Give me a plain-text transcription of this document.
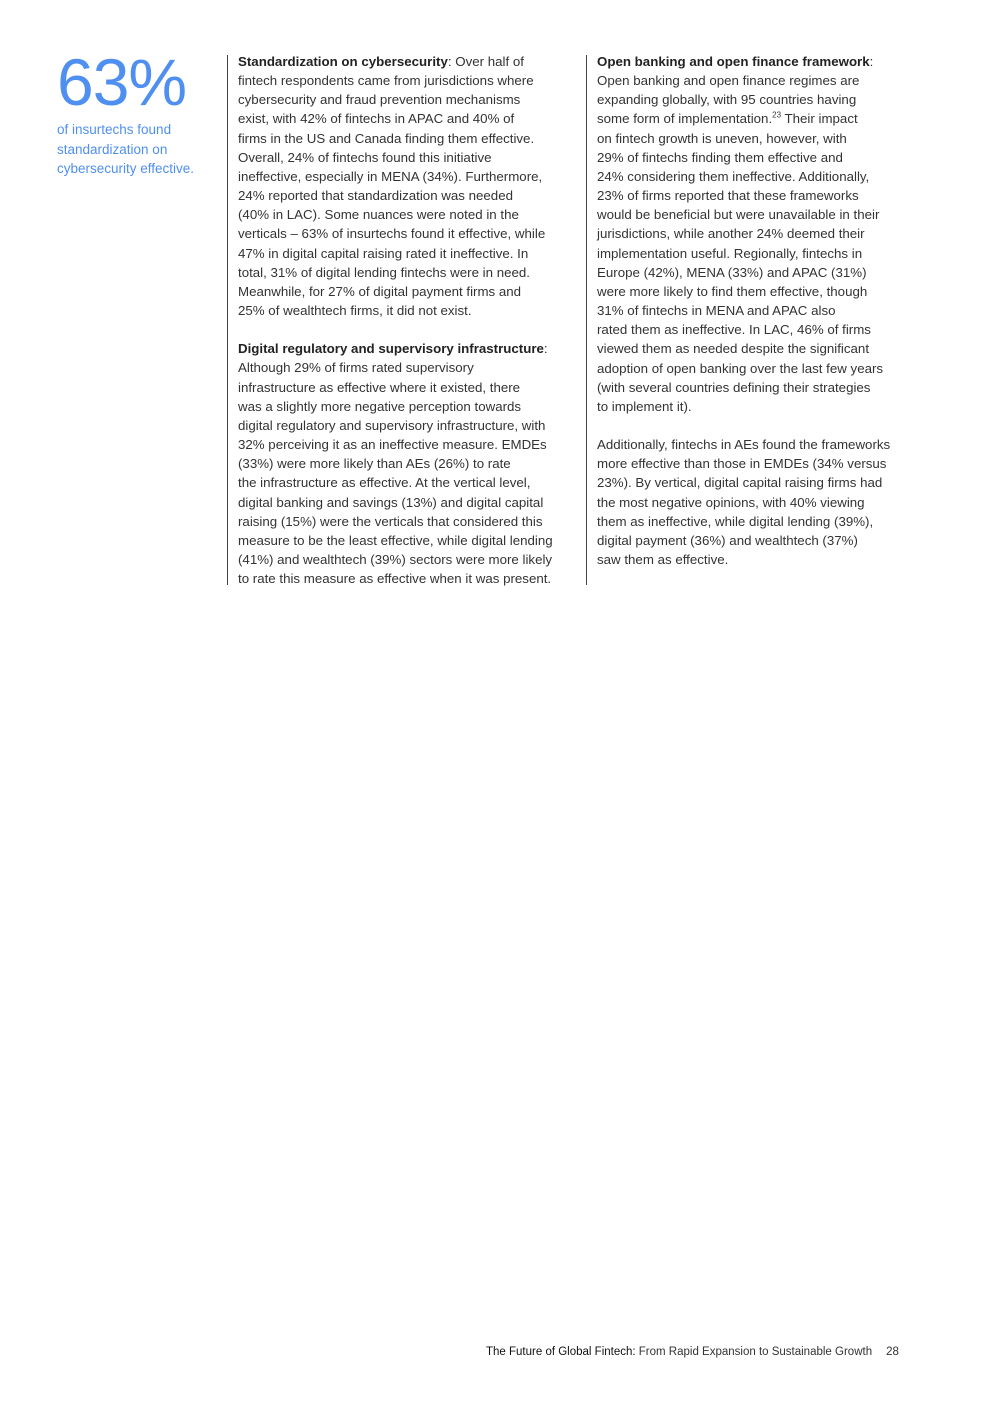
63%
of insurtechs found
standardization on
cybersecurity effective.

Standardization on cybersecurity: Over half of
fintech respondents came from jurisdictions where
cybersecurity and fraud prevention mechanisms
exist, with 42% of fintechs in APAC and 40% of
firms in the US and Canada finding them effective.
Overall, 24% of fintechs found this initiative
ineffective, especially in MENA (34%). Furthermore,
24% reported that standardization was needed
(40% in LAC). Some nuances were noted in the
verticals – 63% of insurtechs found it effective, while
47% in digital capital raising rated it ineffective. In
total, 31% of digital lending fintechs were in need.
Meanwhile, for 27% of digital payment firms and
25% of wealthtech firms, it did not exist.

Digital regulatory and supervisory infrastructure:
Although 29% of firms rated supervisory
infrastructure as effective where it existed, there
was a slightly more negative perception towards
digital regulatory and supervisory infrastructure, with
32% perceiving it as an ineffective measure. EMDEs
(33%) were more likely than AEs (26%) to rate
the infrastructure as effective. At the vertical level,
digital banking and savings (13%) and digital capital
raising (15%) were the verticals that considered this
measure to be the least effective, while digital lending
(41%) and wealthtech (39%) sectors were more likely
to rate this measure as effective when it was present.

Open banking and open finance framework:
Open banking and open finance regimes are
expanding globally, with 95 countries having
some form of implementation.$^{23}$ Their impact
on fintech growth is uneven, however, with
29% of fintechs finding them effective and
24% considering them ineffective. Additionally,
23% of firms reported that these frameworks
would be beneficial but were unavailable in their
jurisdictions, while another 24% deemed their
implementation useful. Regionally, fintechs in
Europe (42%), MENA (33%) and APAC (31%)
were more likely to find them effective, though
31% of fintechs in MENA and APAC also
rated them as ineffective. In LAC, 46% of firms
viewed them as needed despite the significant
adoption of open banking over the last few years
(with several countries defining their strategies
to implement it).

Additionally, fintechs in AEs found the frameworks
more effective than those in EMDEs (34% versus
23%). By vertical, digital capital raising firms had
the most negative opinions, with 40% viewing
them as ineffective, while digital lending (39%),
digital payment (36%) and wealthtech (37%)
saw them as effective.

The Future of Global Fintech: From Rapid Expansion to Sustainable Growth 28
